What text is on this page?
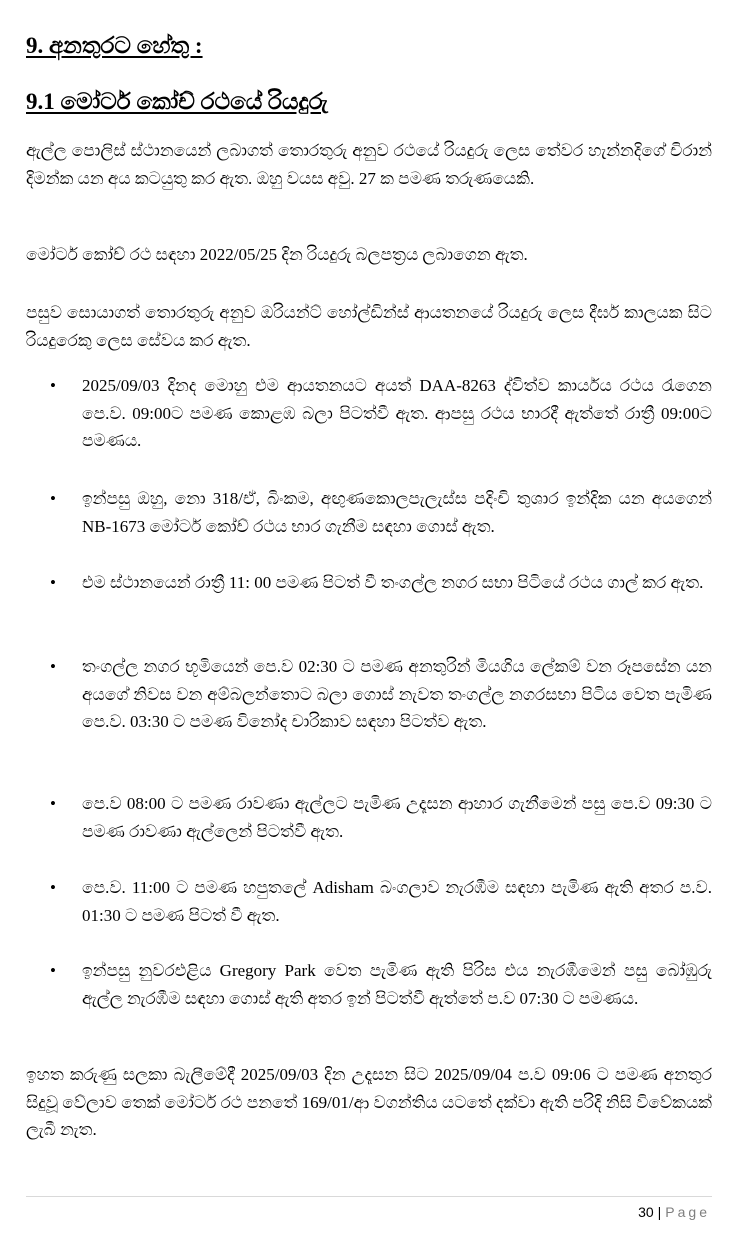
9. අනතුරට හේතු :
9.1 මෝටර් කෝච් රථයේ රියදුරු

ඇල්ල පොලිස් ස්ථානයෙන් ලබාගත් තොරතුරු අනුව රථයේ රියදුරු ලෙස තේවර හැන්නදිගේ චිරාන් දිමන්ක යන අය කටයුතු කර ඇත. ඔහු වයස අවු. 27 ක පමණ තරුණයෙකි.

මෝටර් කෝච් රථ සඳහා 2022/05/25 දින රියදුරු බලපත්‍රය ලබාගෙන ඇත.

පසුව සොයාගත් තොරතුරු අනුව ඔරියන්ට් හෝල්ඩින්ස් ආයතනයේ රියදුරු ලෙස දීර්ඝ කාලයක සිට රියදුරෙකු ලෙස සේවය කර ඇත.

•	2025/09/03 දිනද මොහු එම ආයතනයට අයත් DAA-8263 ද්විත්ව කාර්යය රථය රැගෙන පෙ.ව. 09:00ට පමණ කොළඹ බලා පිටත්වී ඇත. ආපසු රථය භාරදී ඇත්තේ රාත්‍රී 09:00ට පමණය.
•	ඉන්පසු ඔහු, නො 318/ඒ, බිංකම, අඟුණකොලපැලැස්ස පදිංචි තුශාර ඉන්දික යන අයගෙන් NB-1673 මෝටර් කෝච් රථය භාර ගැනීම සඳහා ගොස් ඇත.
•	එම ස්ථානයෙන් රාත්‍රී 11: 00 පමණ පිටත් වී තංගල්ල නගර සභා පිටියේ රථය ගාල් කර ඇත.
•	තංගල්ල නගර භූමියෙන් පෙ.ව 02:30 ට පමණ අනතුරින් මියගිය ලේකම් වන රූපසේන යන අයගේ නිවස වන අම්බලන්තොට බලා ගොස් නැවත තංගල්ල නගරසභා පිටිය වෙත පැමිණ පෙ.ව. 03:30 ට පමණ විනෝද චාරිකාව සඳහා පිටත්ව ඇත.
•	පෙ.ව 08:00 ට පමණ රාවණා ඇල්ලට පැමිණ උදෑසන ආහාර ගැනීමෙන් පසු පෙ.ව 09:30 ට පමණ රාවණා ඇල්ලෙන් පිටත්වී ඇත.
•	පෙ.ව. 11:00 ට පමණ හපුතලේ Adisham බංගලාව නැරඹීම සඳහා පැමිණ ඇති අතර ප.ව. 01:30 ට පමණ පිටත් වී ඇත.
•	ඉන්පසු නුවරඑළිය Gregory Park වෙත පැමිණ ඇති පිරිස එය නැරඹීමෙන් පසු බෝඹුරු ඇල්ල නැරඹීම සඳහා ගොස් ඇති අතර ඉන් පිටත්වී ඇත්තේ ප.ව 07:30 ට පමණය.

ඉහත කරුණු සලකා බැලීමේදී 2025/09/03 දින උදෑසන සිට 2025/09/04 ප.ව 09:06 ට පමණ අනතුර සිදුවූ වේලාව තෙක් මෝටර් රථ පනතේ 169/01/ආ වගන්තිය යටතේ දක්වා ඇති පරිදි නිසි විවේකයක් ලැබී නැත.

30 | Page
